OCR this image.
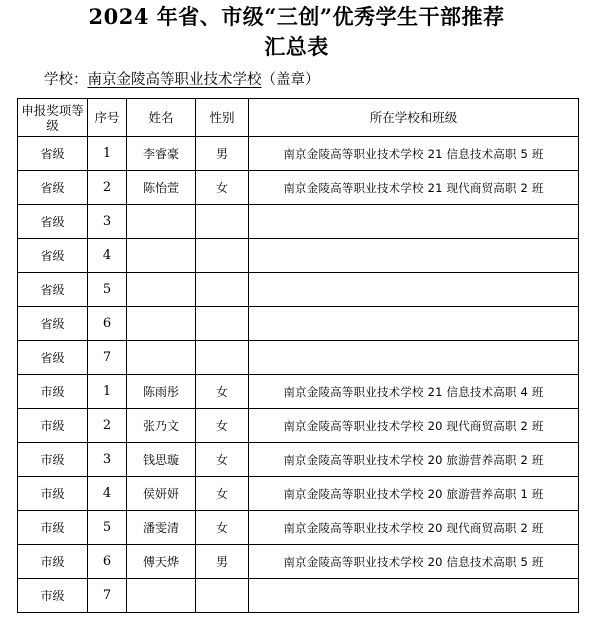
2024 年省、市级“三创”优秀学生干部推荐
汇总表
学校：南京金陵高等职业技术学校（盖章）
申报奖项等级	序号	姓名	性别	所在学校和班级
省级	1	李睿豪	男	南京金陵高等职业技术学校 21 信息技术高职 5 班
省级	2	陈怡萱	女	南京金陵高等职业技术学校 21 现代商贸高职 2 班
省级	3			
省级	4			
省级	5			
省级	6			
省级	7			
市级	1	陈雨彤	女	南京金陵高等职业技术学校 21 信息技术高职 4 班
市级	2	张乃文	女	南京金陵高等职业技术学校 20 现代商贸高职 2 班
市级	3	钱思璇	女	南京金陵高等职业技术学校 20 旅游营养高职 2 班
市级	4	侯妍妍	女	南京金陵高等职业技术学校 20 旅游营养高职 1 班
市级	5	潘雯清	女	南京金陵高等职业技术学校 20 现代商贸高职 2 班
市级	6	傅天烨	男	南京金陵高等职业技术学校 20 信息技术高职 5 班
市级	7			
